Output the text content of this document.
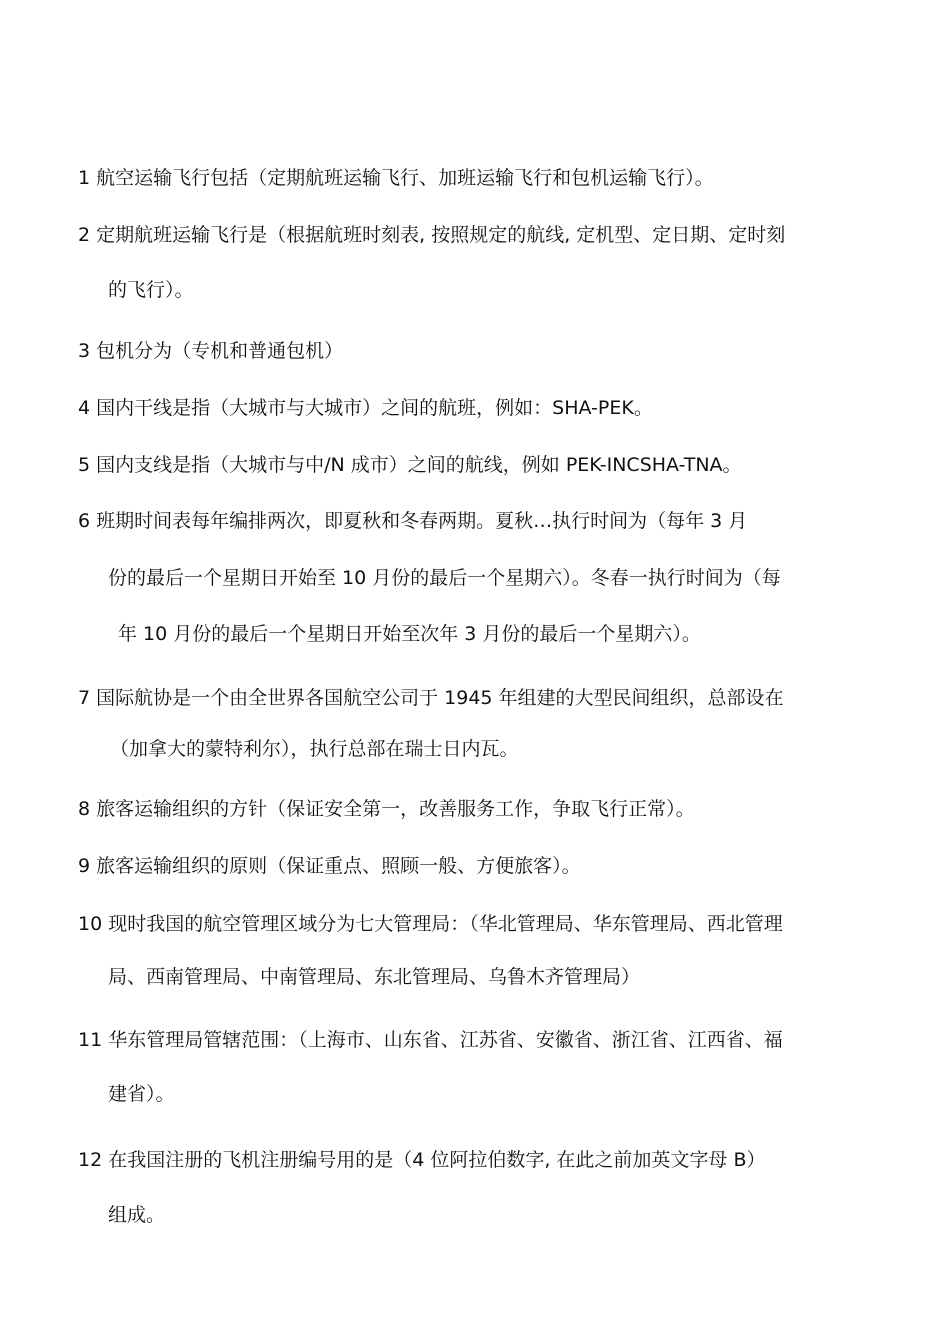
1 航空运输飞行包括（定期航班运输飞行、加班运输飞行和包机运输飞行）。

2 定期航班运输飞行是（根据航班时刻表, 按照规定的航线, 定机型、定日期、定时刻

的飞行）。

3 包机分为（专机和普通包机）

4 国内干线是指（大城市与大城市）之间的航班，例如：SHA-PEK。

5 国内支线是指（大城市与中/N 成市）之间的航线，例如 PEK-INCSHA-TNA。

6 班期时间表每年编排两次，即夏秋和冬春两期。夏秋…执行时间为（每年 3 月

份的最后一个星期日开始至 10 月份的最后一个星期六）。冬春一执行时间为（每

年 10 月份的最后一个星期日开始至次年 3 月份的最后一个星期六）。

7 国际航协是一个由全世界各国航空公司于 1945 年组建的大型民间组织，总部设在

（加拿大的蒙特利尔），执行总部在瑞士日内瓦。

8 旅客运输组织的方针（保证安全第一，改善服务工作，争取飞行正常）。

9 旅客运输组织的原则（保证重点、照顾一般、方便旅客）。

10 现时我国的航空管理区域分为七大管理局：（华北管理局、华东管理局、西北管理

局、西南管理局、中南管理局、东北管理局、乌鲁木齐管理局）

11 华东管理局管辖范围：（上海市、山东省、江苏省、安徽省、浙江省、江西省、福

建省）。

12 在我国注册的飞机注册编号用的是（4 位阿拉伯数字, 在此之前加英文字母 B）

组成。
